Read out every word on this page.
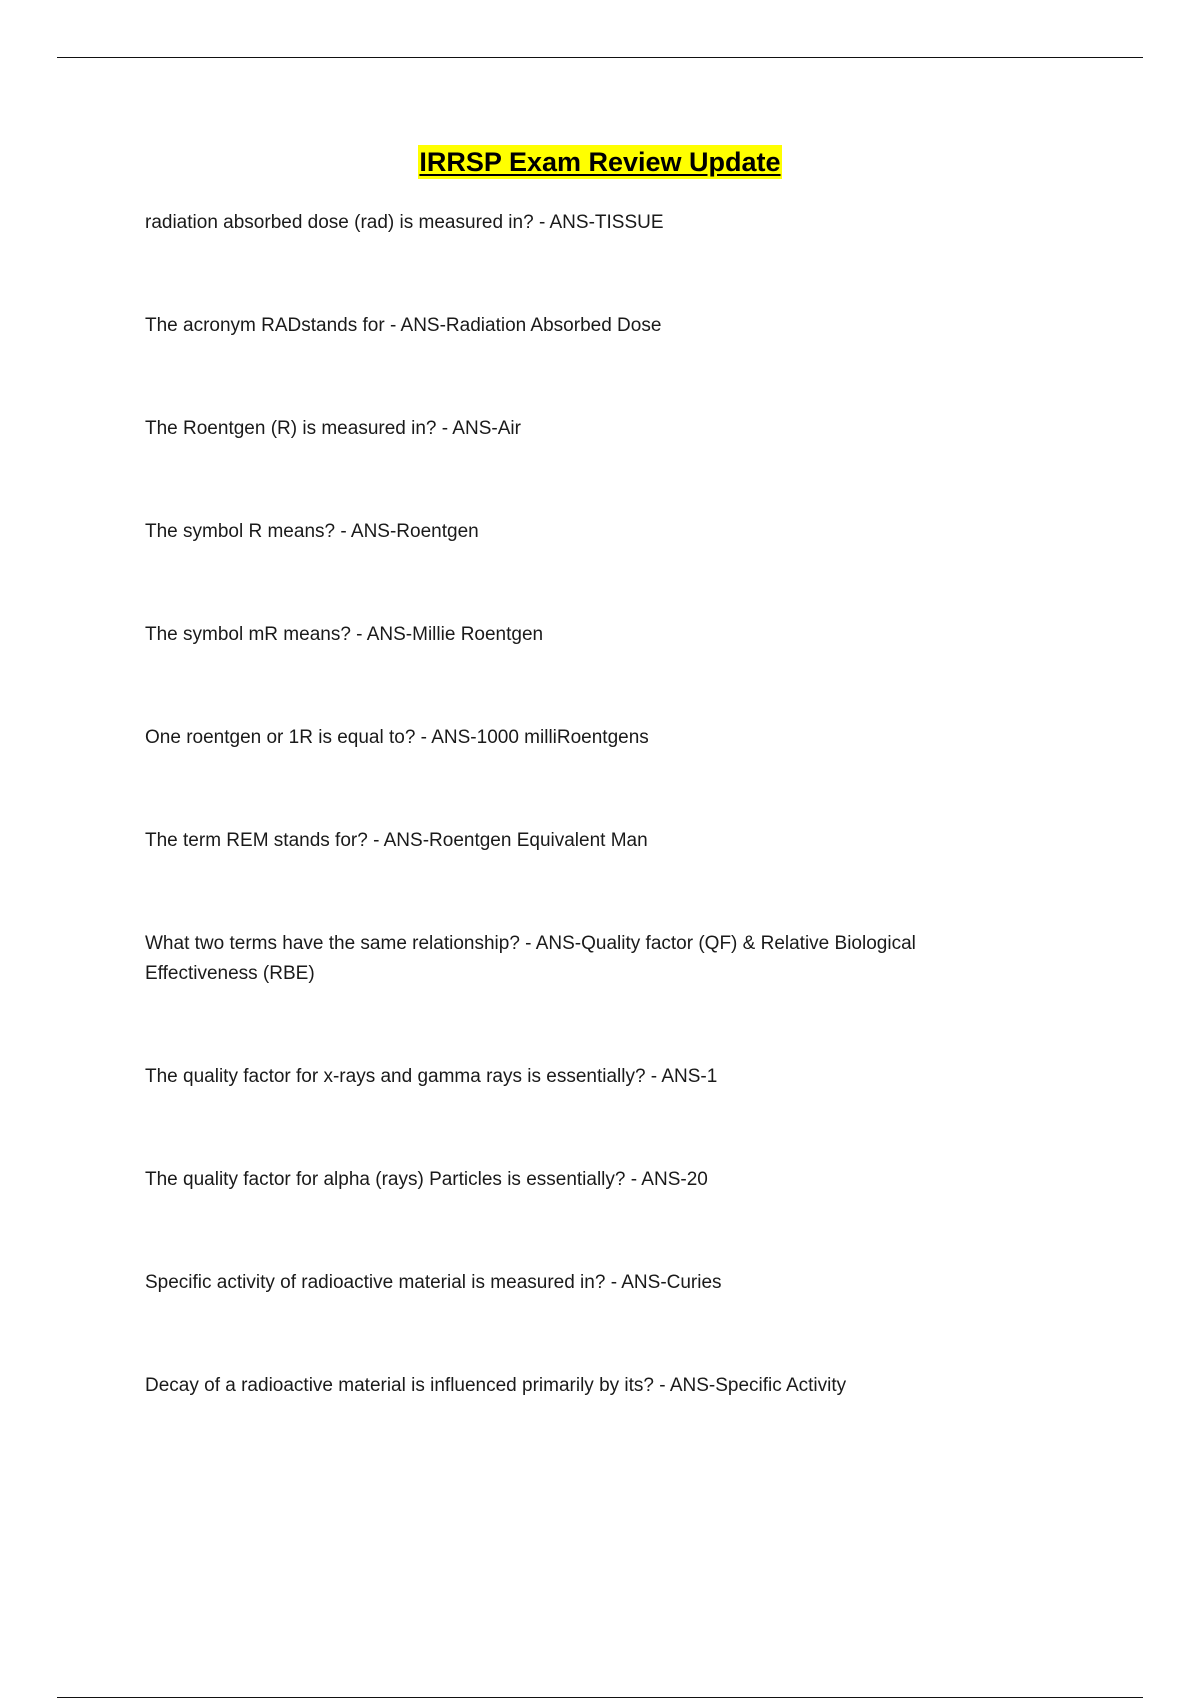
IRRSP Exam Review Update
radiation absorbed dose (rad) is measured in? - ANS-TISSUE
The acronym RADstands for - ANS-Radiation Absorbed Dose
The Roentgen (R) is measured in? - ANS-Air
The symbol R means? - ANS-Roentgen
The symbol mR means? - ANS-Millie Roentgen
One roentgen or 1R is equal to? - ANS-1000 milliRoentgens
The term REM stands for? - ANS-Roentgen Equivalent Man
What two terms have the same relationship? - ANS-Quality factor (QF) & Relative Biological
Effectiveness (RBE)
The quality factor for x-rays and gamma rays is essentially? - ANS-1
The quality factor for alpha (rays) Particles is essentially? - ANS-20
Specific activity of radioactive material is measured in? - ANS-Curies
Decay of a radioactive material is influenced primarily by its? - ANS-Specific Activity
